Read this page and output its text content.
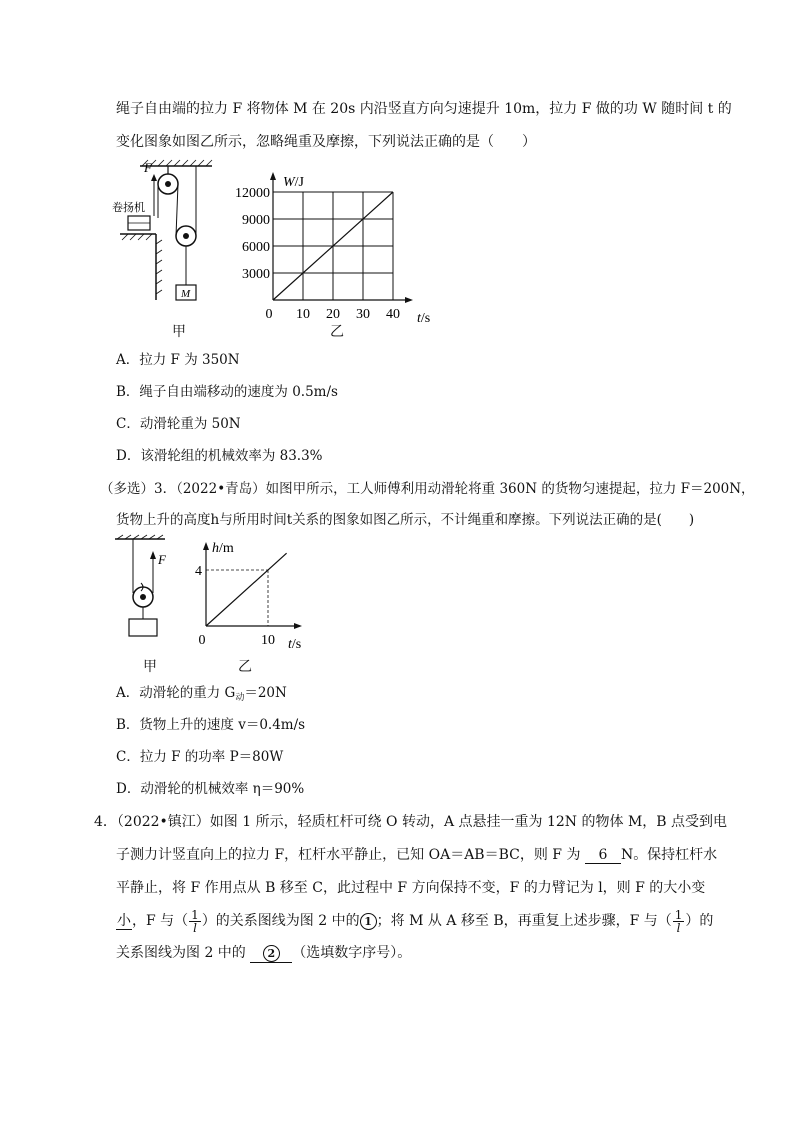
绳子自由端的拉力 F 将物体 M 在 20s 内沿竖直方向匀速提升 10m，拉力 F 做的功 W 随时间 t 的
变化图象如图乙所示，忽略绳重及摩擦，下列说法正确的是（　　）
F
卷扬机
M
甲
0 10 20 30 40
3000
6000
9000
12000
W/J
t/s
乙
A．拉力 F 为 350N
B．绳子自由端移动的速度为 0.5m/s
C．动滑轮重为 50N
D．该滑轮组的机械效率为 83.3%
（多选）3．（2022•青岛）如图甲所示，工人师傅利用动滑轮将重 360N 的货物匀速提起，拉力 F＝200N，
货物上升的高度h与所用时间t关系的图象如图乙所示，不计绳重和摩擦。下列说法正确的是(　　)
F
甲
0	10
4
h/m
t/s
乙
A．动滑轮的重力 $G_动=20N$
B．货物上升的速度 v＝0.4m/s
C．拉力 F 的功率 P＝80W
D．动滑轮的机械效率 η＝90%
4．（2022•镇江）如图 1 所示，轻质杠杆可绕 O 转动，A 点悬挂一重为 12N 的物体 M，B 点受到电
子测力计竖直向上的拉力 F，杠杆水平静止，已知 OA＝AB＝BC，则 F 为 6 N。保持杠杆水
平静止，将 F 作用点从 B 移至 C，此过程中 F 方向保持不变，F 的力臂记为 l，则 F 的大小变
小，F 与（ $\frac{1}{l}$ ）的关系图线为图 2 中的 1 ；将 M 从 A 移至 B，再重复上述步骤，F 与（ $\frac{1}{l}$ ）的
关系图线为图 2 中的 2 （选填数字序号）。
